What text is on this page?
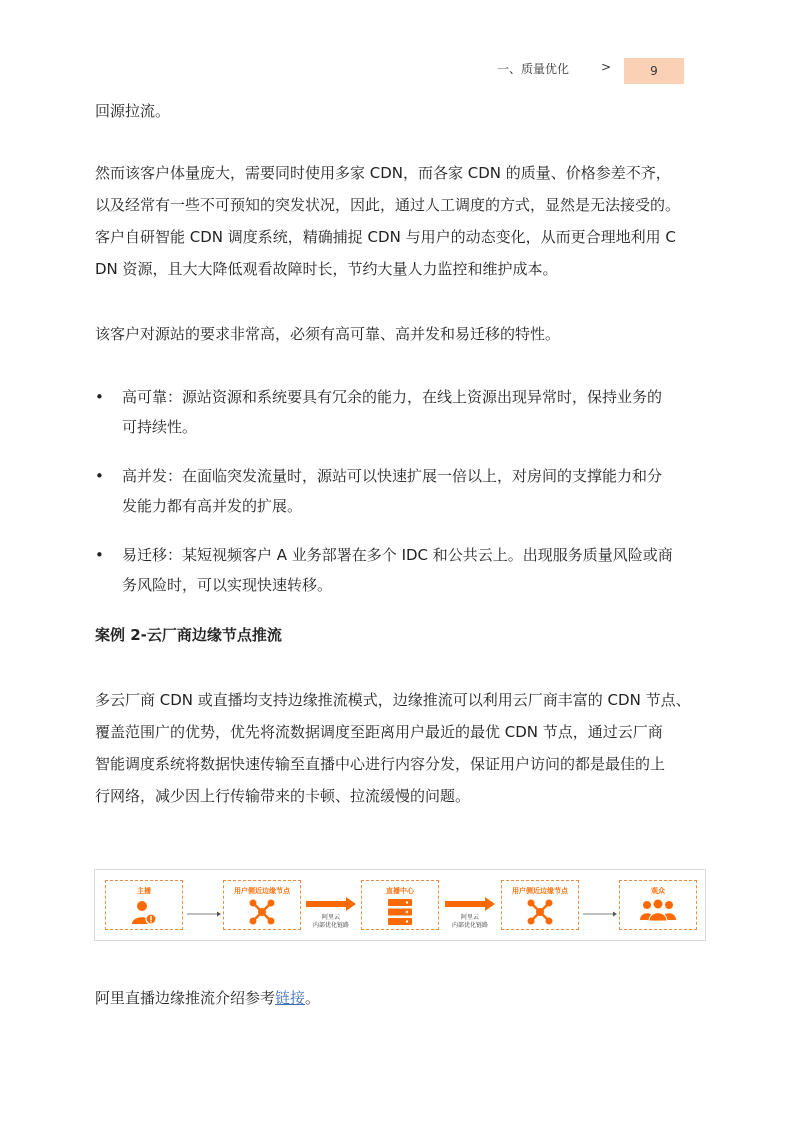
一、质量优化	>	9

回源拉流。

然而该客户体量庞大，需要同时使用多家 CDN，而各家 CDN 的质量、价格参差不齐，
以及经常有一些不可预知的突发状况，因此，通过人工调度的方式，显然是无法接受的。
客户自研智能 CDN 调度系统，精确捕捉 CDN 与用户的动态变化，从而更合理地利用 C
DN 资源，且大大降低观看故障时长，节约大量人力监控和维护成本。

该客户对源站的要求非常高，必须有高可靠、高并发和易迁移的特性。

• 高可靠：源站资源和系统要具有冗余的能力，在线上资源出现异常时，保持业务的
可持续性。

• 高并发：在面临突发流量时，源站可以快速扩展一倍以上，对房间的支撑能力和分
发能力都有高并发的扩展。

• 易迁移：某短视频客户 A 业务部署在多个 IDC 和公共云上。出现服务质量风险或商
务风险时，可以实现快速转移。

案例 2-云厂商边缘节点推流

多云厂商 CDN 或直播均支持边缘推流模式，边缘推流可以利用云厂商丰富的 CDN 节点、
覆盖范围广的优势，优先将流数据调度至距离用户最近的最优 CDN 节点，通过云厂商
智能调度系统将数据快速传输至直播中心进行内容分发，保证用户访问的都是最佳的上
行网络，减少因上行传输带来的卡顿、拉流缓慢的问题。

主播	用户侧近边缘节点
阿里云
内部优化链路
直播中心
阿里云
内部优化链路
用户侧近边缘节点	观众

阿里直播边缘推流介绍参考链接。
